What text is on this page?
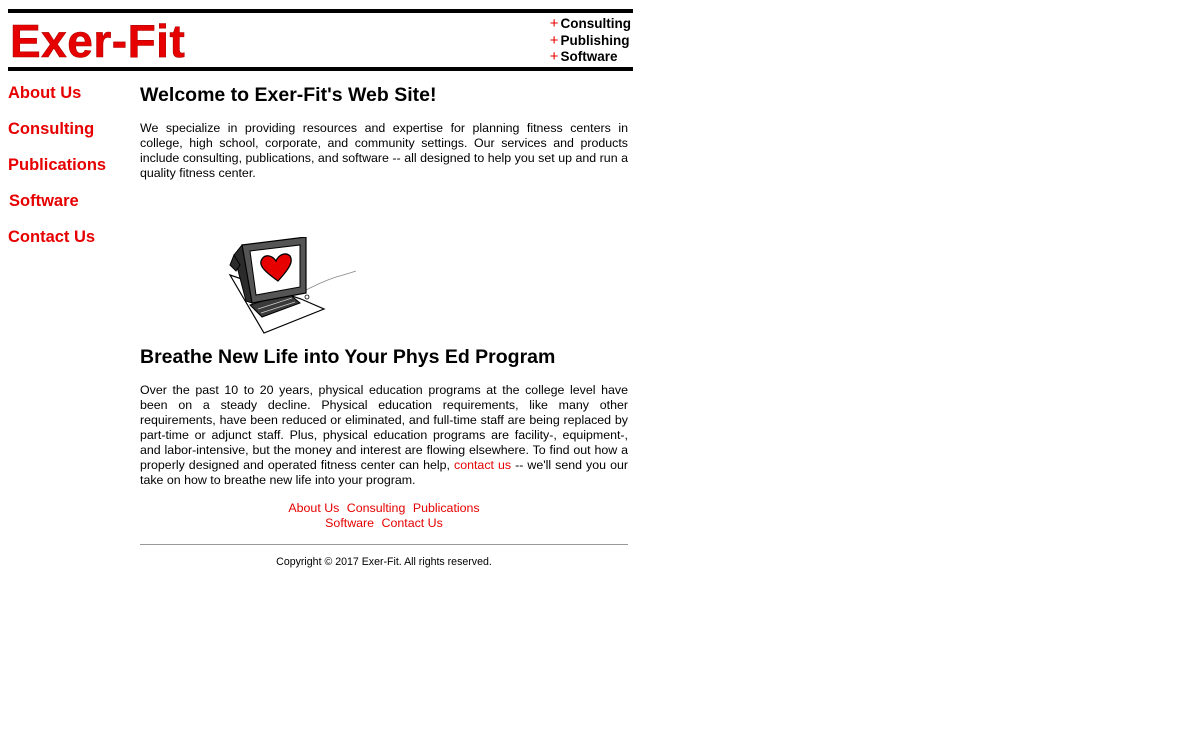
Exer-Fit	+ Consulting
+ Publishing
+ Software
About Us
Consulting
Publications
Software
Contact Us
Welcome to Exer-Fit's Web Site!

We specialize in providing resources and expertise for planning fitness centers in college, high school, corporate, and community settings. Our services and products include consulting, publications, and software -- all designed to help you set up and run a quality fitness center.

Breathe New Life into Your Phys Ed Program

Over the past 10 to 20 years, physical education programs at the college level have been on a steady decline. Physical education requirements, like many other requirements, have been reduced or eliminated, and full-time staff are being replaced by part-time or adjunct staff. Plus, physical education programs are facility-, equipment-, and labor-intensive, but the money and interest are flowing elsewhere. To find out how a properly designed and operated fitness center can help, contact us -- we'll send you our take on how to breathe new life into your program.

About Us Consulting Publications
Software Contact Us
Copyright © 2017 Exer-Fit. All rights reserved.
